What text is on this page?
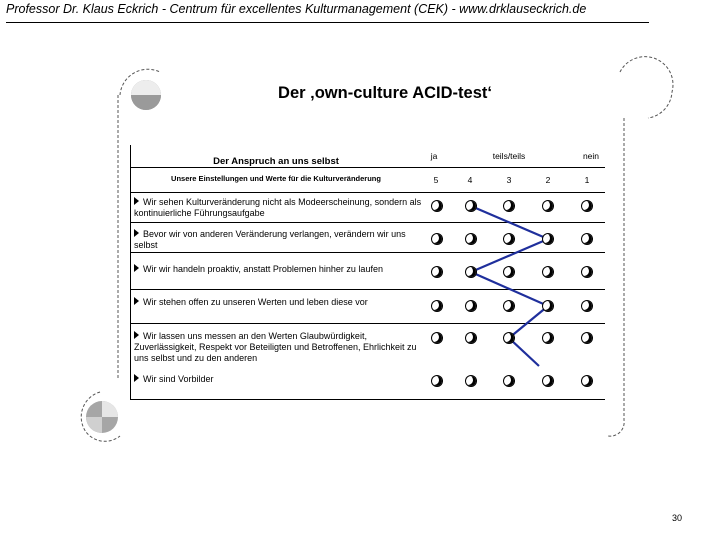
Professor Dr. Klaus Eckrich - Centrum für excellentes Kulturmanagement (CEK) - www.drklauseckrich.de
Der ‚own-culture ACID-test‘
Der Anspruch an uns selbst
Unsere Einstellungen und Werte für die Kulturveränderung
ja	teils/teils	nein
5	4	3	2	1
Wir sehen Kulturveränderung nicht als Modeerscheinung, sondern als kontinuierliche Führungsaufgabe
Bevor wir von anderen Veränderung verlangen, verändern wir uns selbst
Wir wir handeln proaktiv, anstatt Problemen hinher zu laufen
Wir stehen offen zu unseren Werten und leben diese vor
Wir lassen uns messen an den Werten Glaubwürdigkeit, Zuverlässigkeit, Respekt vor Beteiligten und Betroffenen, Ehrlichkeit zu uns selbst und zu den anderen
Wir sind Vorbilder
30
